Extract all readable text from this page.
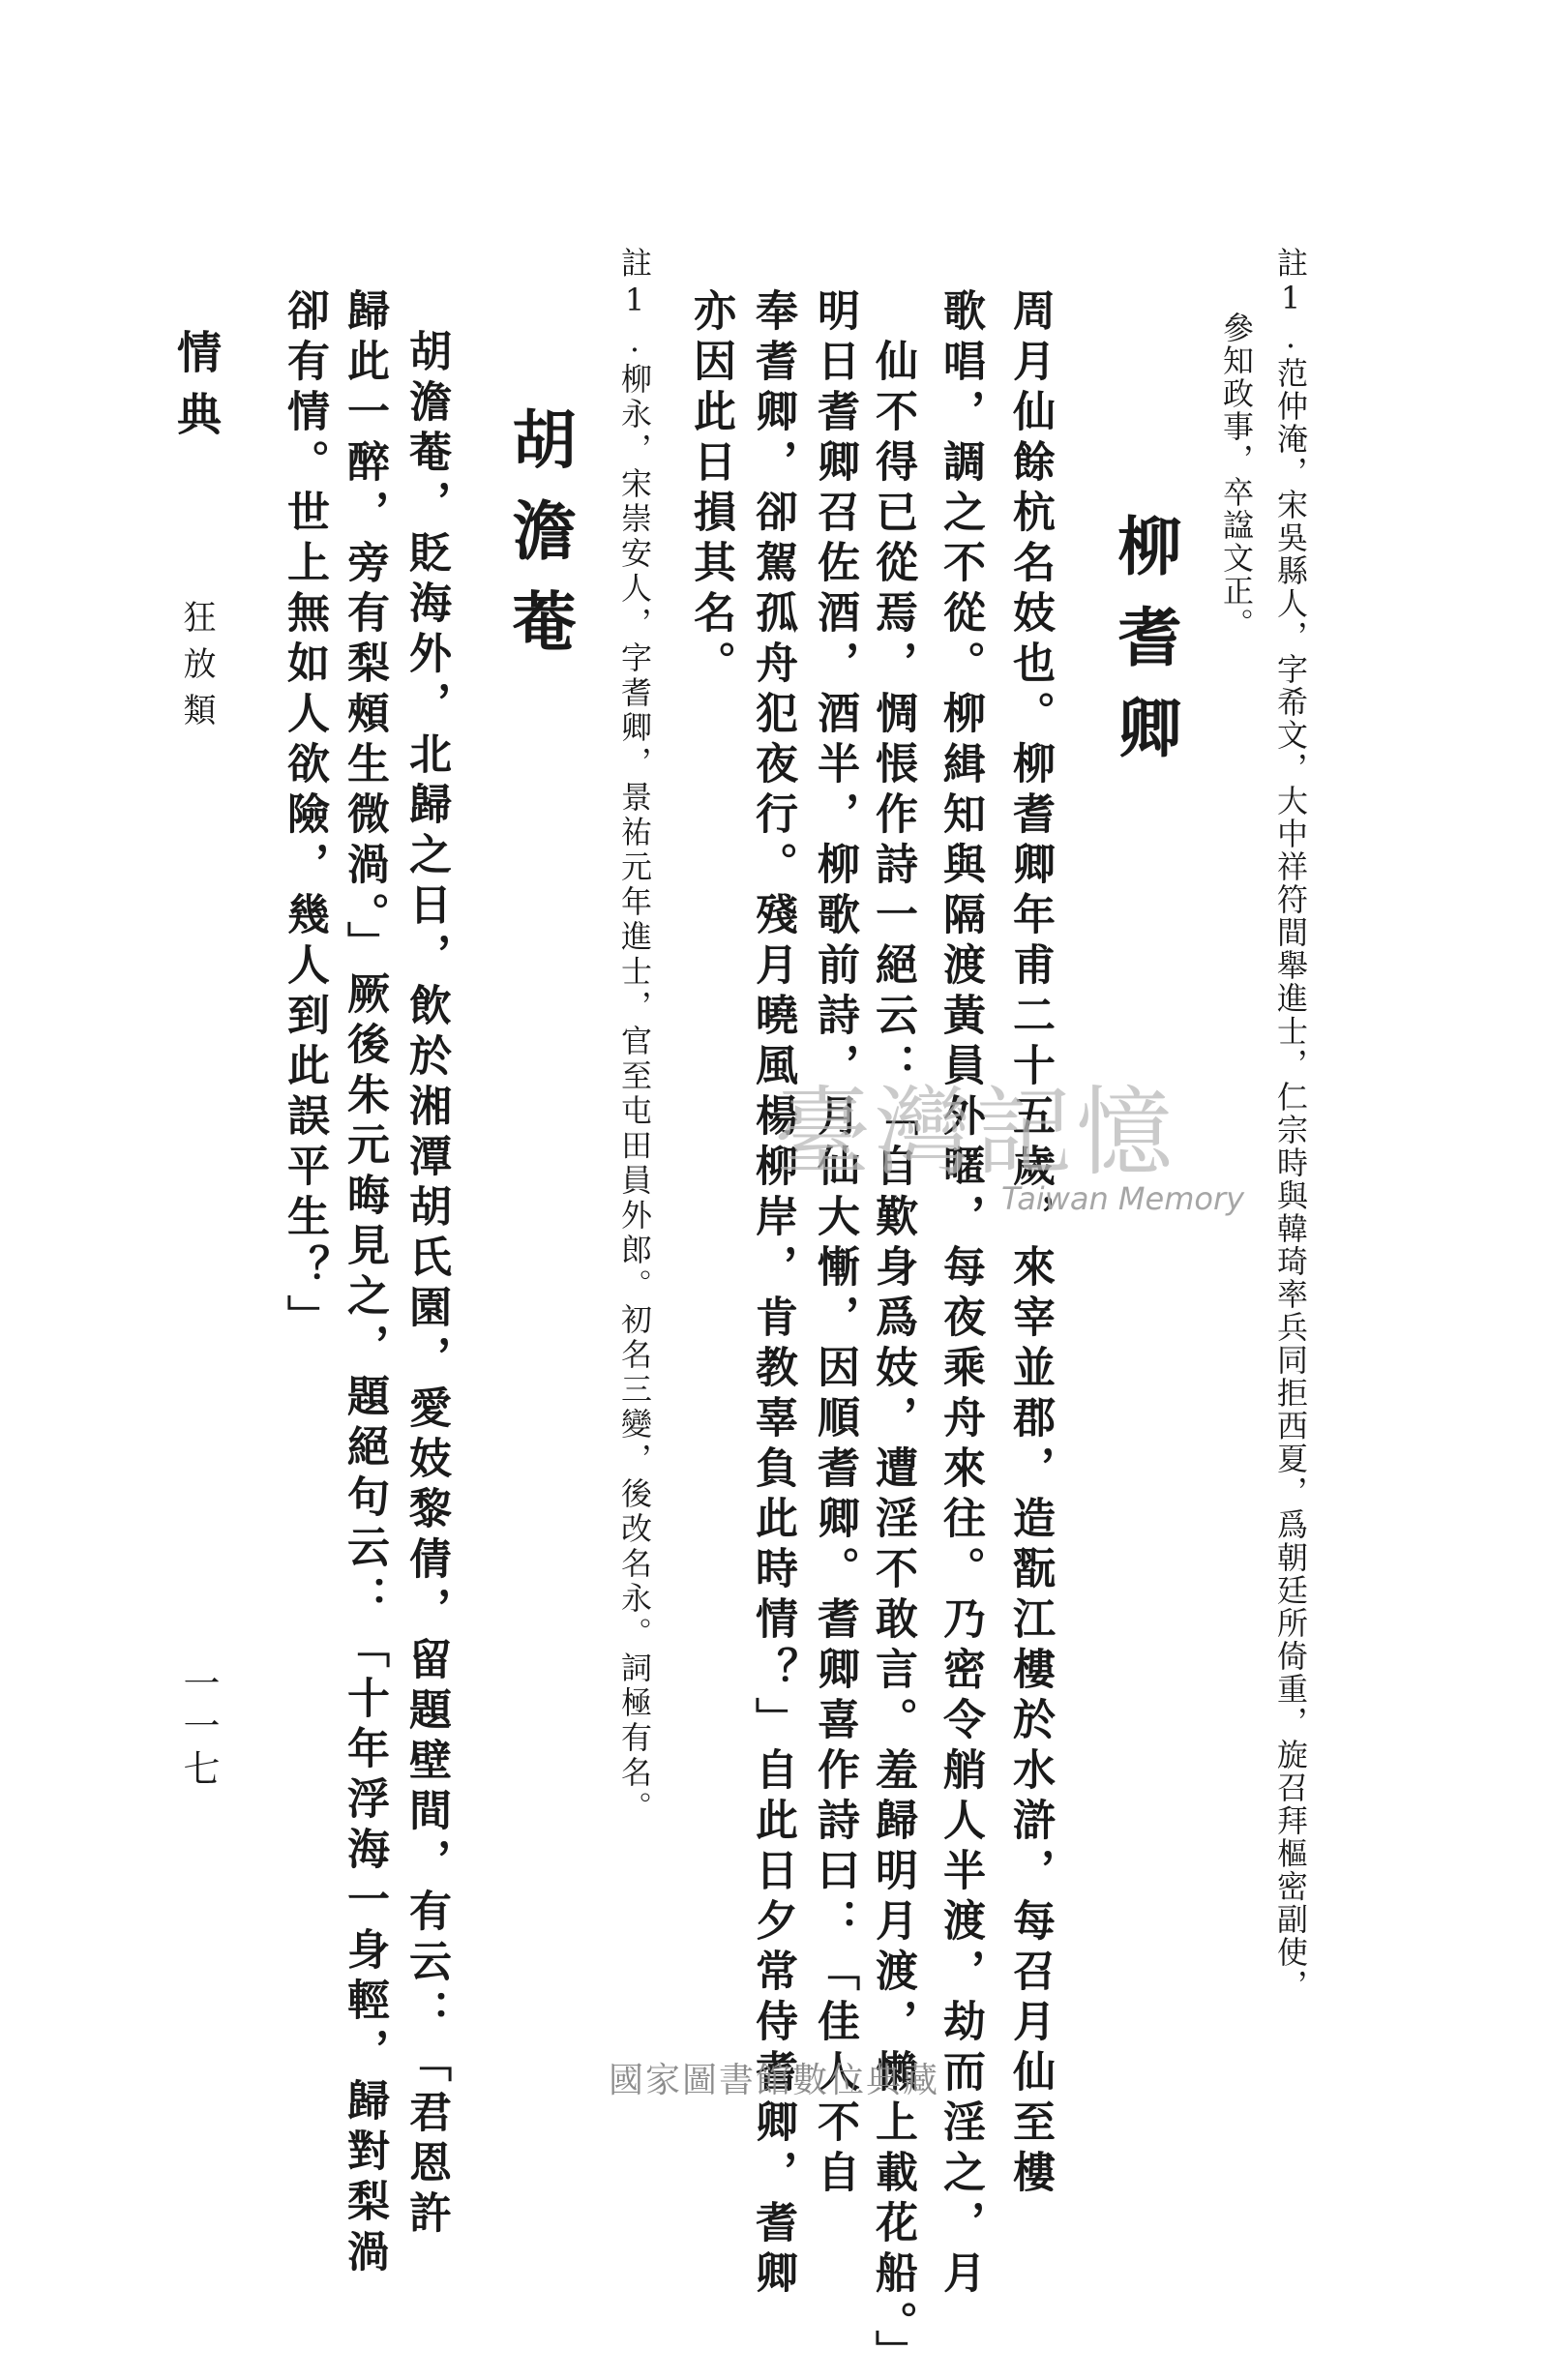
註1.范仲淹，宋吳縣人，字希文，大中祥符間舉進士，仁宗時與韓琦率兵同拒西夏，爲朝廷所倚重，旋召拜樞密副使，
參知政事，卒諡文正。
柳耆卿
周月仙餘杭名妓也。柳耆卿年甫二十五歲，來宰並郡，造翫江樓於水滸，每召月仙至樓
歌唱，調之不從。柳緝知與隔渡黃員外暱，每夜乘舟來往。乃密令艄人半渡，劫而淫之，月
仙不得已從焉，惆悵作詩一絕云：「自歎身爲妓，遭淫不敢言。羞歸明月渡，懶上載花船。」
明日耆卿召佐酒，酒半，柳歌前詩，月仙大慚，因順耆卿。耆卿喜作詩曰：「佳人不自
奉耆卿，卻駕孤舟犯夜行。殘月曉風楊柳岸，肯教辜負此時情？」自此日夕常侍耆卿，耆卿
亦因此日損其名。
註1.柳永，宋崇安人，字耆卿，景祐元年進士，官至屯田員外郎。初名三變，後改名永。詞極有名。
胡澹菴
胡澹菴，貶海外，北歸之日，飲於湘潭胡氏園，愛妓黎倩，留題壁間，有云：「君恩許
歸此一醉，旁有梨頰生微渦。」厥後朱元晦見之，題絕句云：「十年浮海一身輕，歸對梨渦
卻有情。世上無如人欲險，幾人到此誤平生？」
情典
狂放類
一一七
臺灣記憶
Taiwan Memory
國家圖書館數位典藏
